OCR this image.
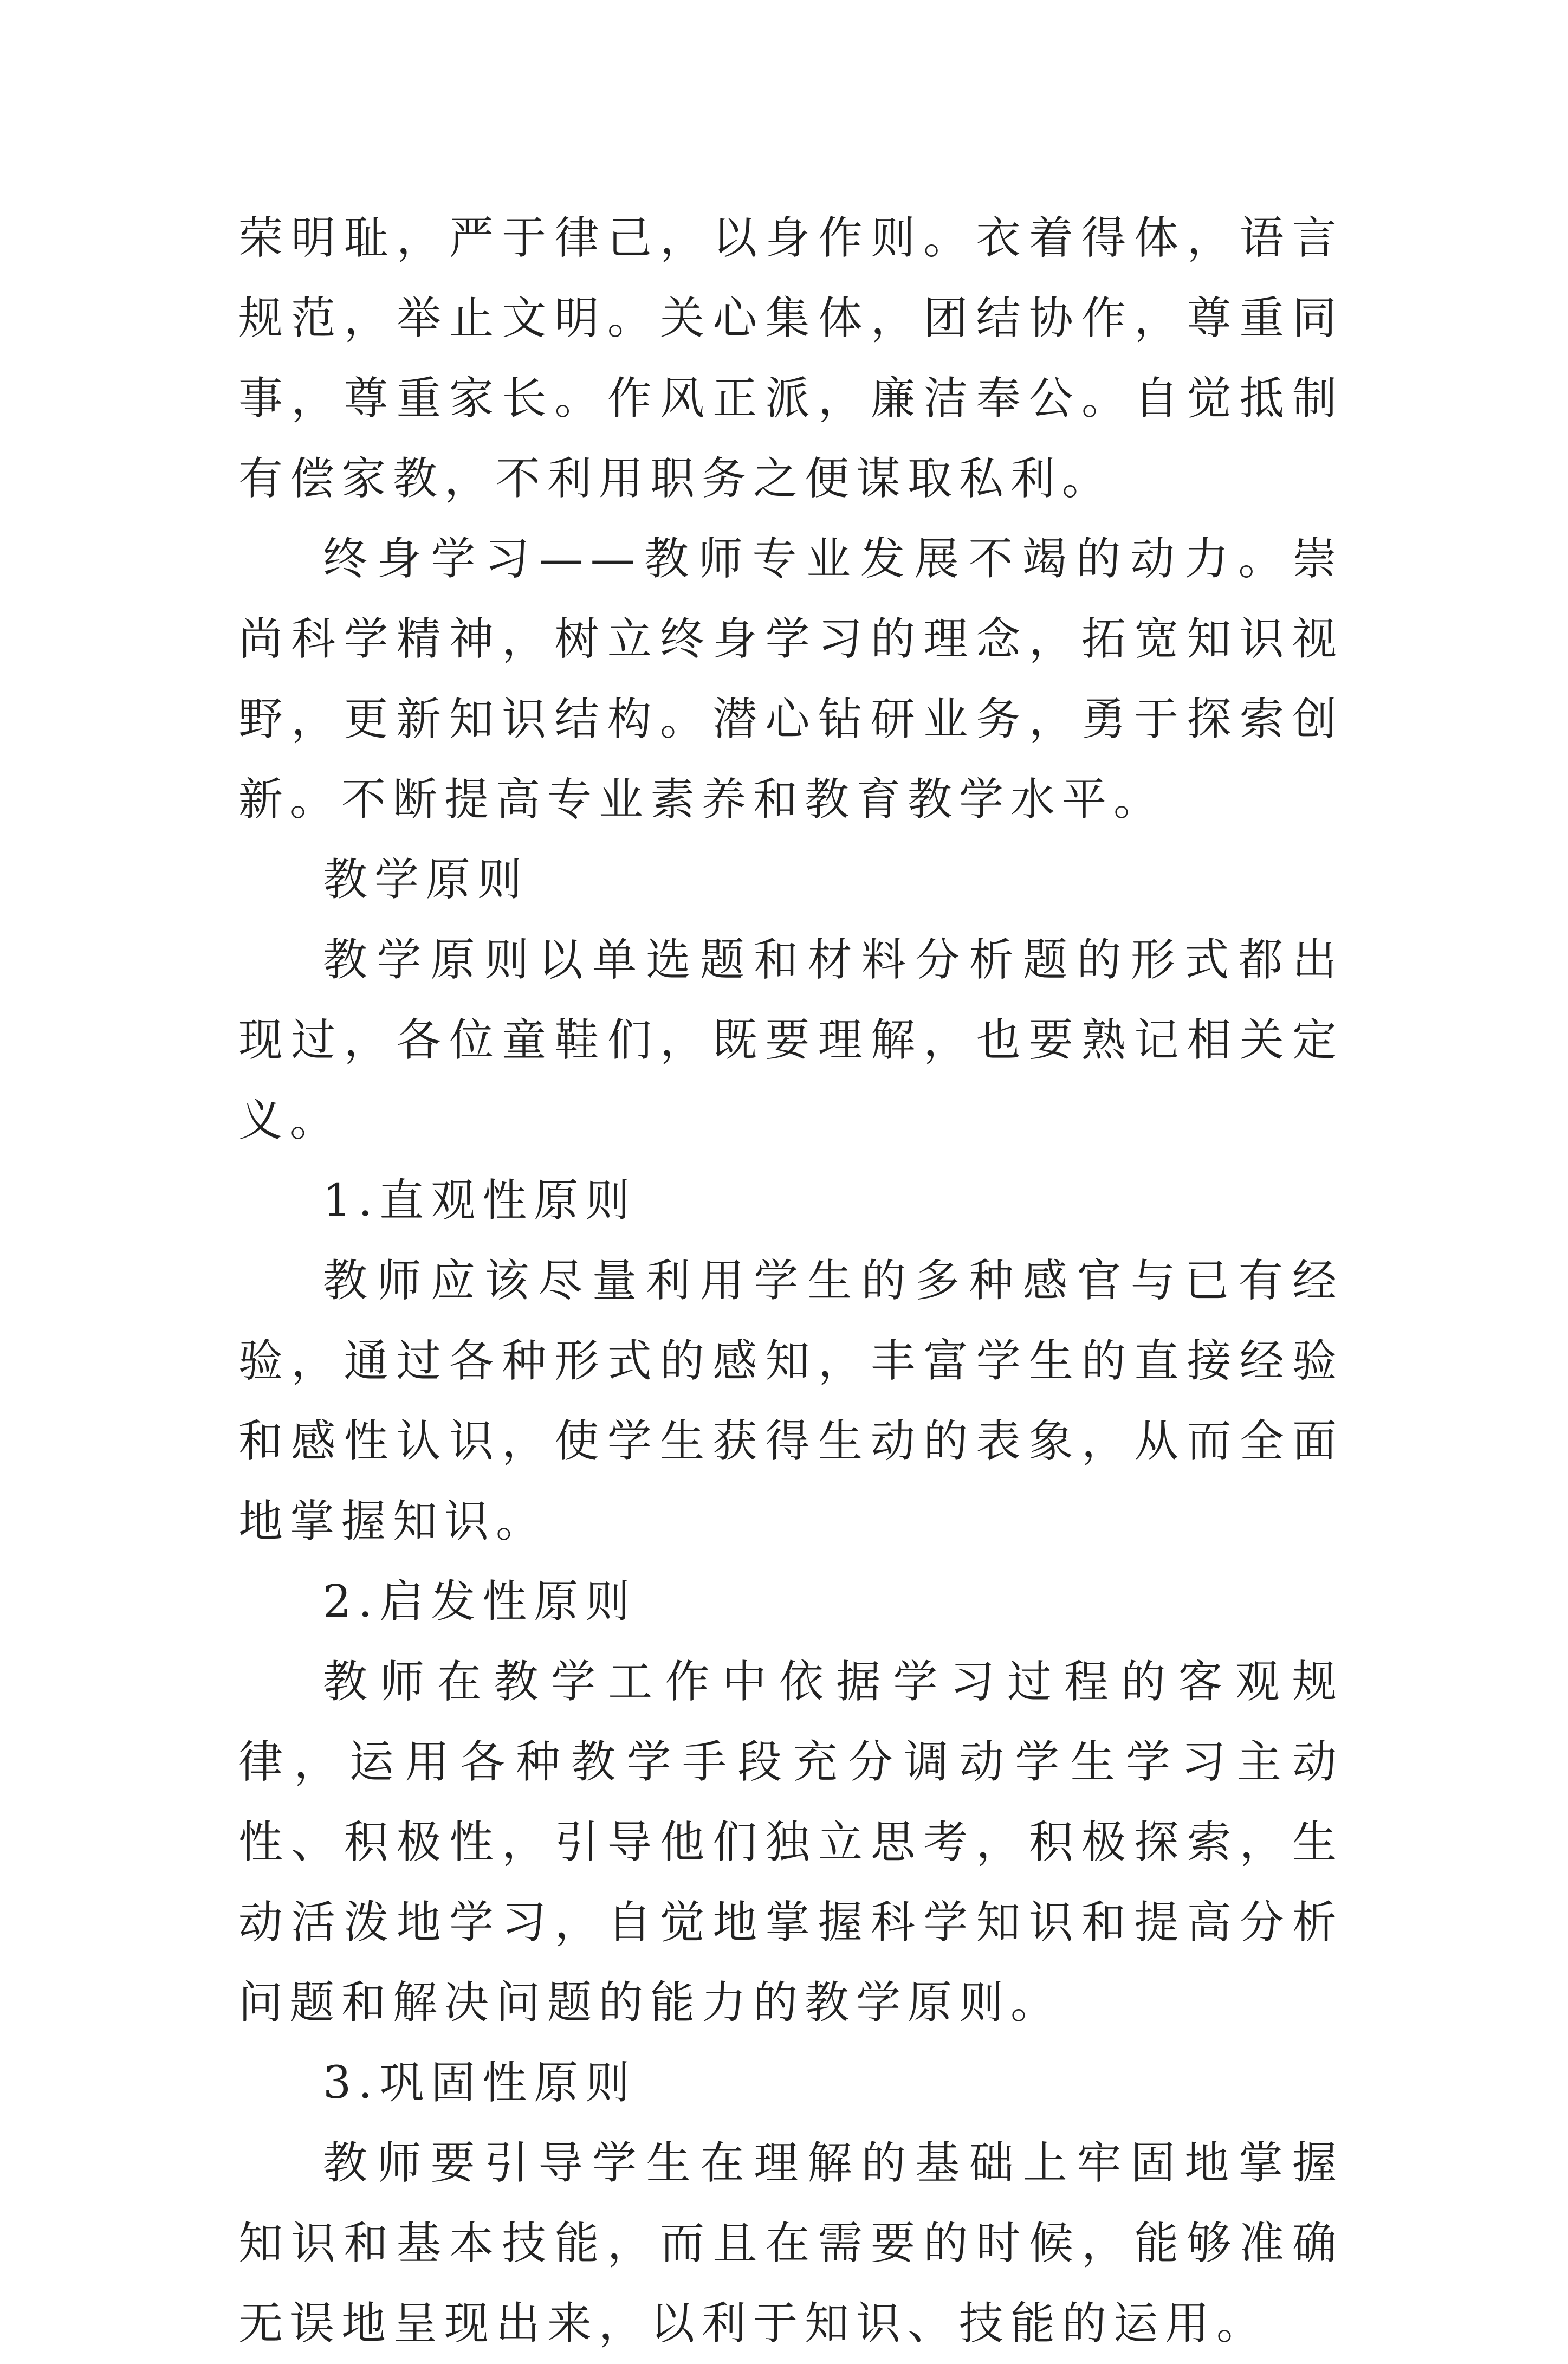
荣明耻，严于律己，以身作则。衣着得体，语言规范，举止文明。关心集体，团结协作，尊重同事，尊重家长。作风正派，廉洁奉公。自觉抵制有偿家教，不利用职务之便谋取私利。

终身学习——教师专业发展不竭的动力。崇尚科学精神，树立终身学习的理念，拓宽知识视野，更新知识结构。潜心钻研业务，勇于探索创新。不断提高专业素养和教育教学水平。

教学原则

教学原则以单选题和材料分析题的形式都出现过，各位童鞋们，既要理解，也要熟记相关定义。

1.直观性原则

教师应该尽量利用学生的多种感官与已有经验，通过各种形式的感知，丰富学生的直接经验和感性认识，使学生获得生动的表象，从而全面地掌握知识。

2.启发性原则

教师在教学工作中依据学习过程的客观规律，运用各种教学手段充分调动学生学习主动性、积极性，引导他们独立思考，积极探索，生动活泼地学习，自觉地掌握科学知识和提高分析问题和解决问题的能力的教学原则。

3.巩固性原则

教师要引导学生在理解的基础上牢固地掌握知识和基本技能，而且在需要的时候，能够准确无误地呈现出来，以利于知识、技能的运用。
